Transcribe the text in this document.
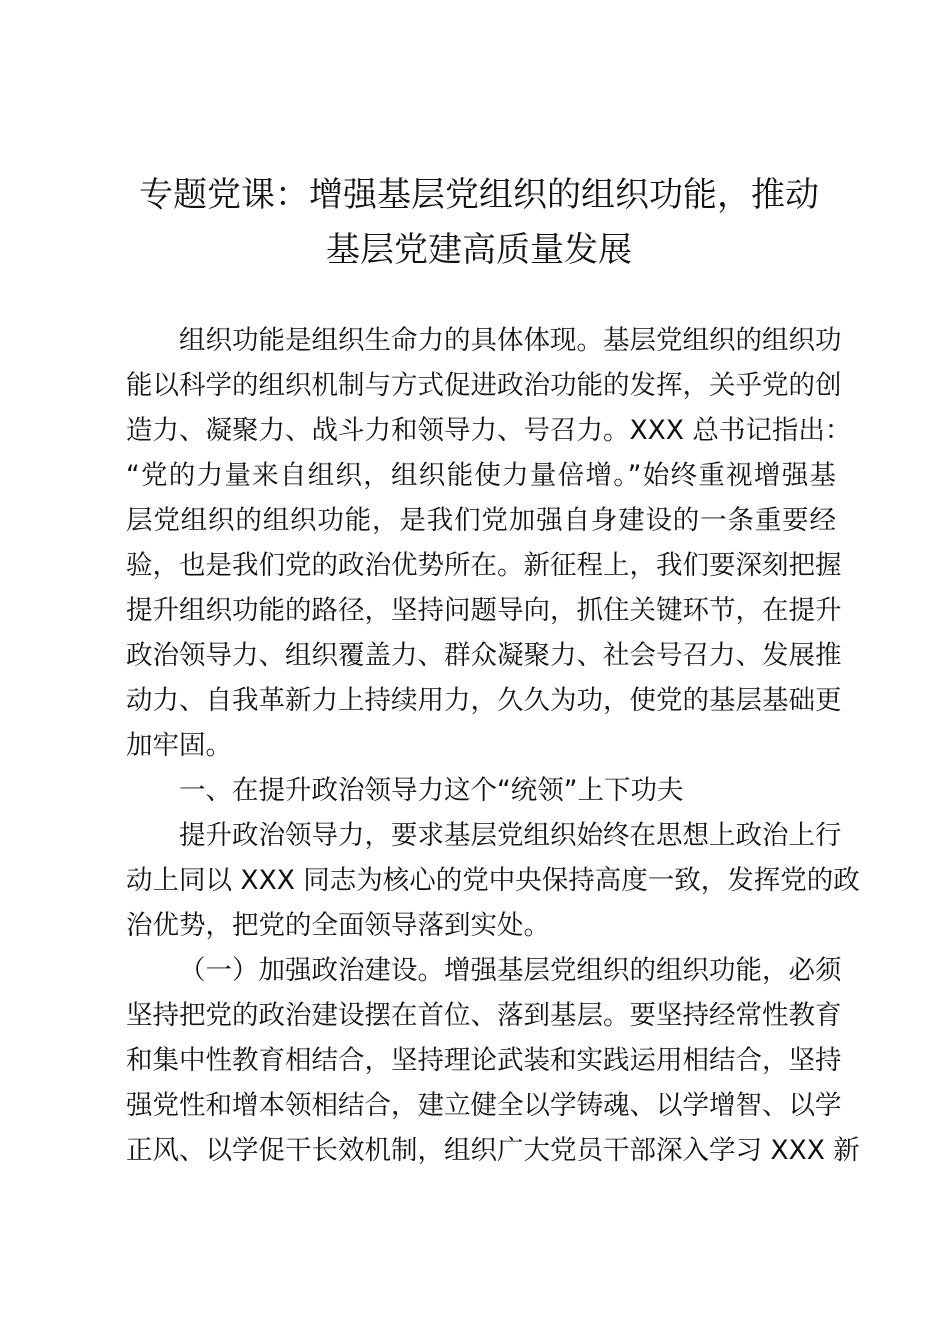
专题党课：增强基层党组织的组织功能，推动
基层党建高质量发展
组织功能是组织生命力的具体体现。基层党组织的组织功
能以科学的组织机制与方式促进政治功能的发挥，关乎党的创
造力、凝聚力、战斗力和领导力、号召力。XXX 总书记指出：
“党的力量来自组织，组织能使力量倍增。”始终重视增强基
层党组织的组织功能，是我们党加强自身建设的一条重要经
验，也是我们党的政治优势所在。新征程上，我们要深刻把握
提升组织功能的路径，坚持问题导向，抓住关键环节，在提升
政治领导力、组织覆盖力、群众凝聚力、社会号召力、发展推
动力、自我革新力上持续用力，久久为功，使党的基层基础更
加牢固。
一、在提升政治领导力这个“统领”上下功夫
提升政治领导力，要求基层党组织始终在思想上政治上行
动上同以 XXX 同志为核心的党中央保持高度一致，发挥党的政
治优势，把党的全面领导落到实处。
（一）加强政治建设。增强基层党组织的组织功能，必须
坚持把党的政治建设摆在首位、落到基层。要坚持经常性教育
和集中性教育相结合，坚持理论武装和实践运用相结合，坚持
强党性和增本领相结合，建立健全以学铸魂、以学增智、以学
正风、以学促干长效机制，组织广大党员干部深入学习 XXX 新
